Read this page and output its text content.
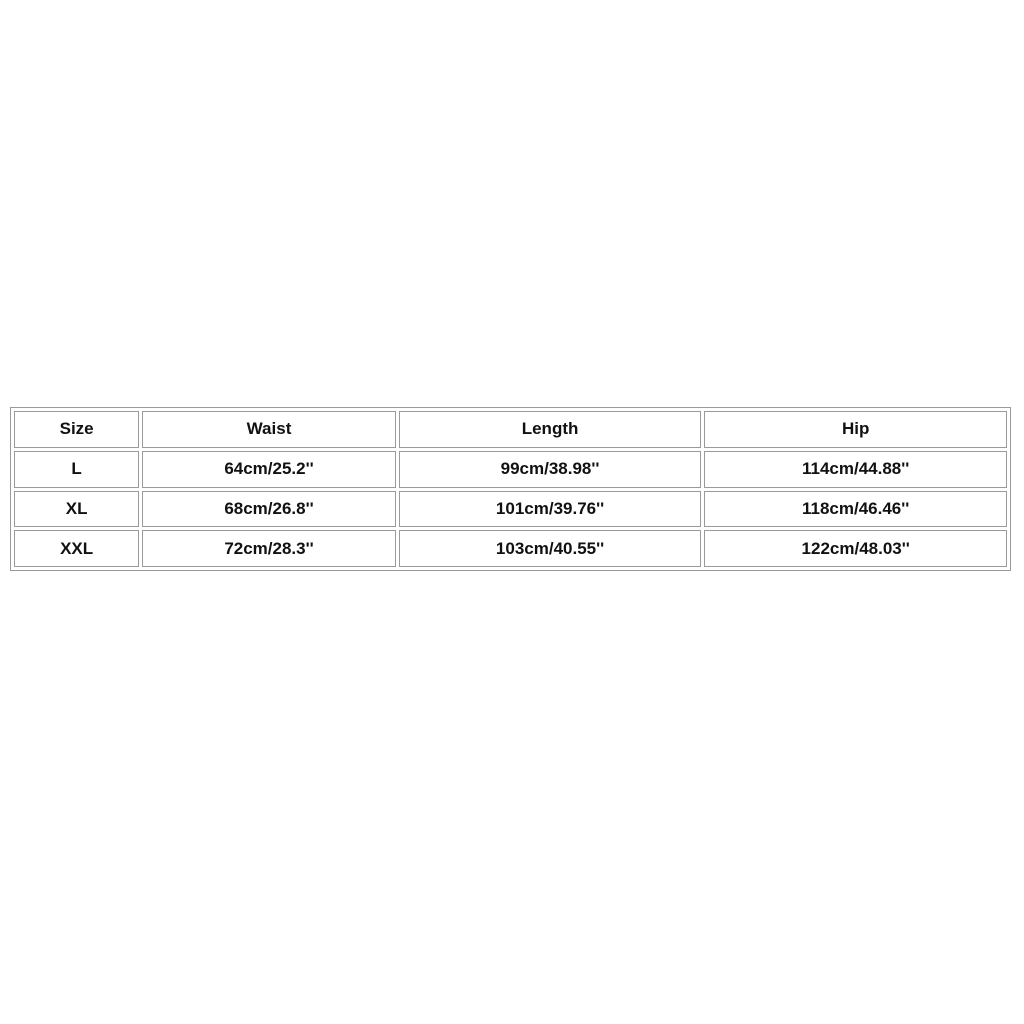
Size	Waist	Length	Hip
L	64cm/25.2''	99cm/38.98''	114cm/44.88''
XL	68cm/26.8''	101cm/39.76''	118cm/46.46''
XXL	72cm/28.3''	103cm/40.55''	122cm/48.03''
